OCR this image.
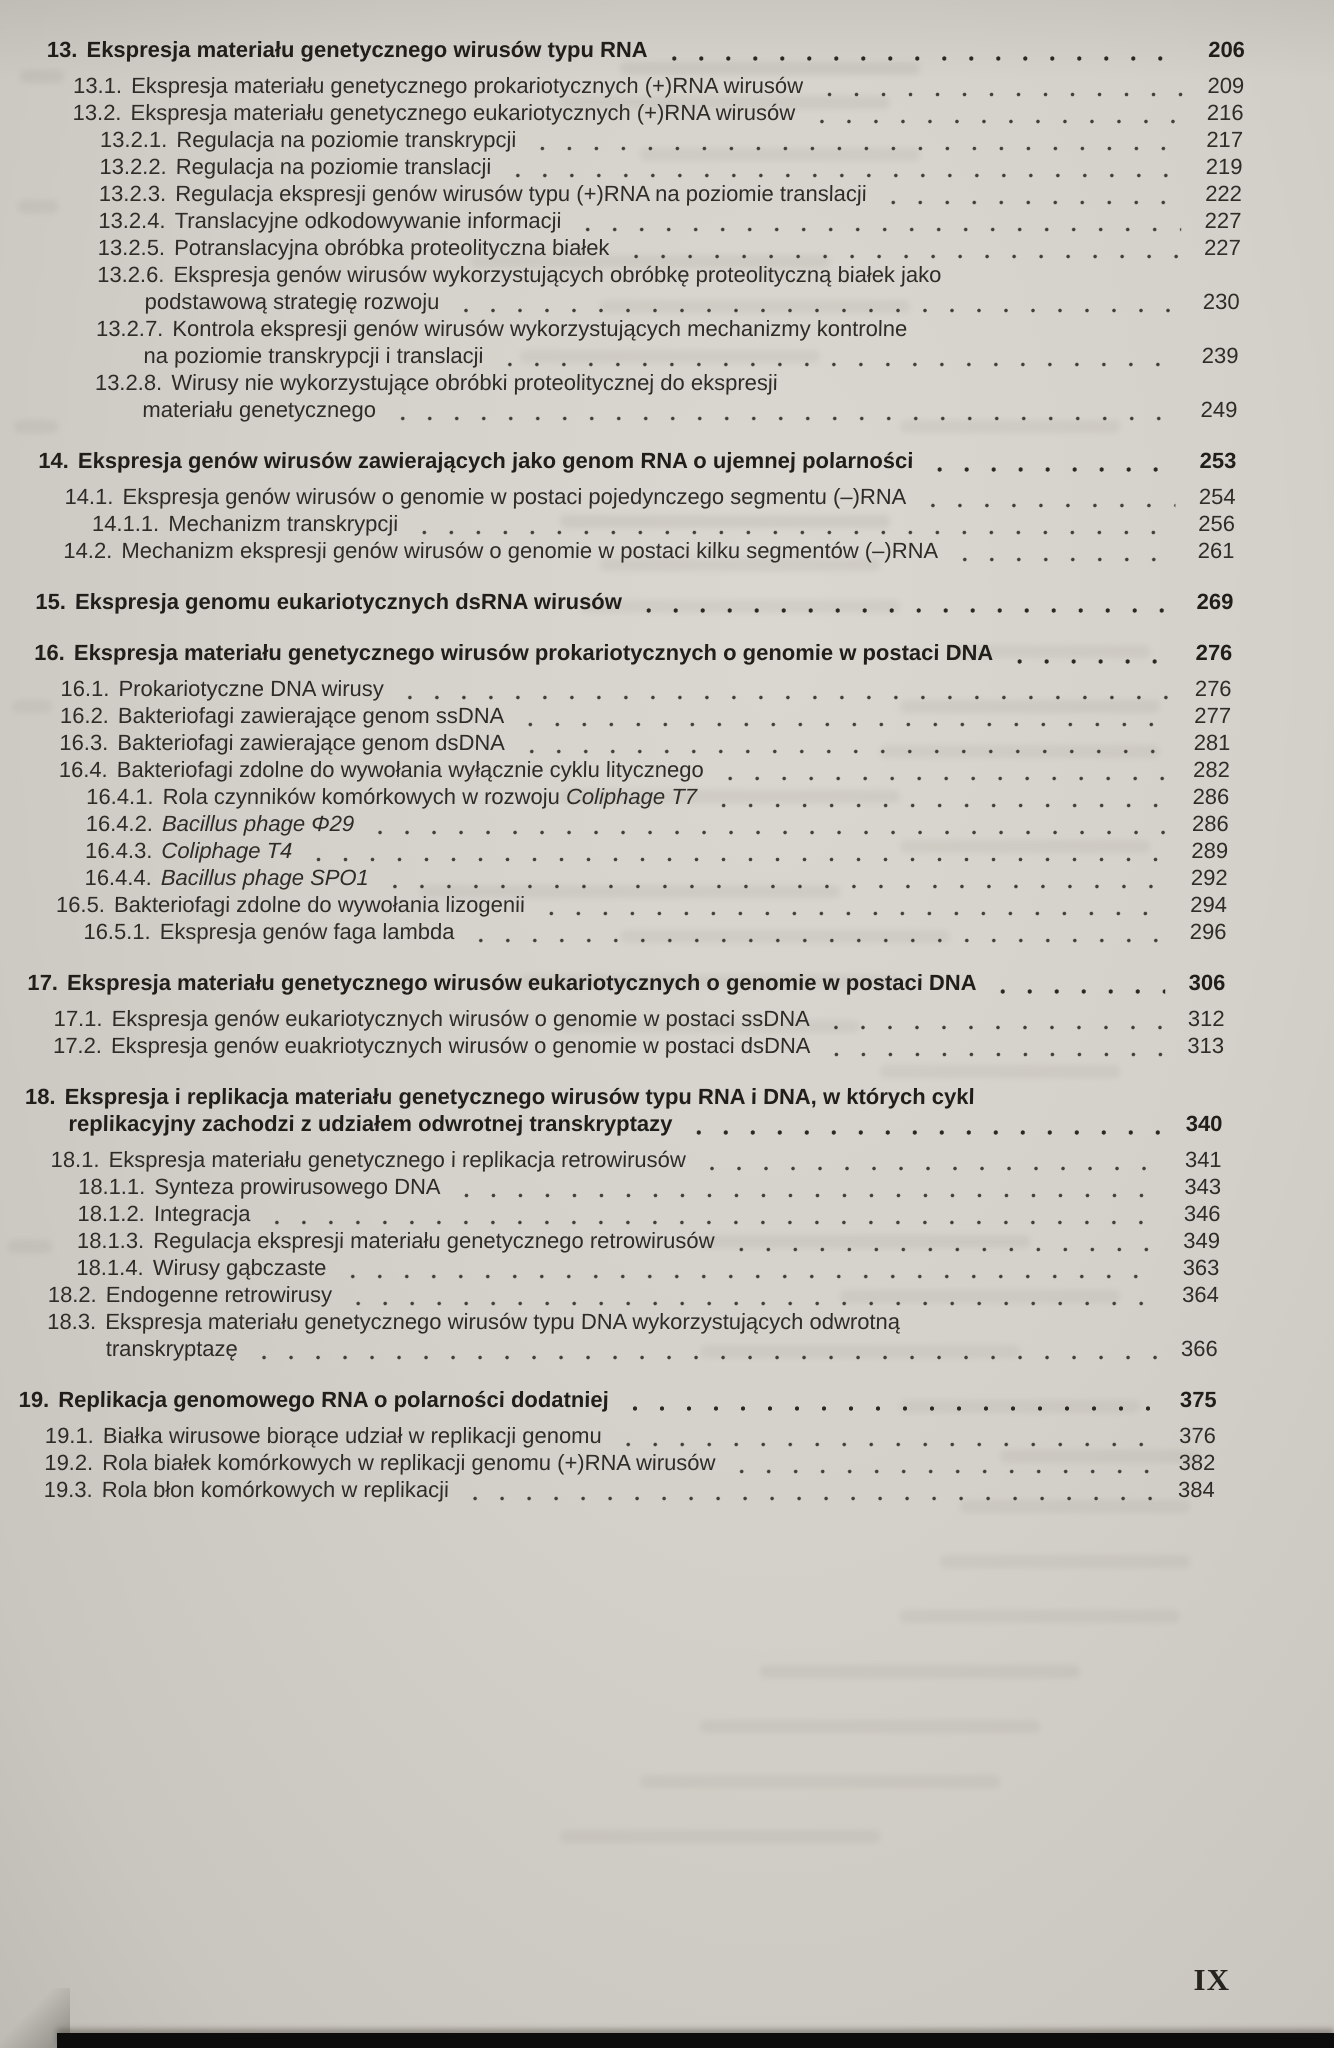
13. Ekspresja materiału genetycznego wirusów typu RNA	206
13.1. Ekspresja materiału genetycznego prokariotycznych (+)RNA wirusów	209
13.2. Ekspresja materiału genetycznego eukariotycznych (+)RNA wirusów	216
13.2.1. Regulacja na poziomie transkrypcji	217
13.2.2. Regulacja na poziomie translacji	219
13.2.3. Regulacja ekspresji genów wirusów typu (+)RNA na poziomie translacji	222
13.2.4. Translacyjne odkodowywanie informacji	227
13.2.5. Potranslacyjna obróbka proteolityczna białek	227
13.2.6. Ekspresja genów wirusów wykorzystujących obróbkę proteolityczną białek jako
podstawową strategię rozwoju	230
13.2.7. Kontrola ekspresji genów wirusów wykorzystujących mechanizmy kontrolne
na poziomie transkrypcji i translacji	239
13.2.8. Wirusy nie wykorzystujące obróbki proteolitycznej do ekspresji
materiału genetycznego	249
14. Ekspresja genów wirusów zawierających jako genom RNA o ujemnej polarności	253
14.1. Ekspresja genów wirusów o genomie w postaci pojedynczego segmentu (–)RNA	254
14.1.1. Mechanizm transkrypcji	256
14.2. Mechanizm ekspresji genów wirusów o genomie w postaci kilku segmentów (–)RNA	261
15. Ekspresja genomu eukariotycznych dsRNA wirusów	269
16. Ekspresja materiału genetycznego wirusów prokariotycznych o genomie w postaci DNA	276
16.1. Prokariotyczne DNA wirusy	276
16.2. Bakteriofagi zawierające genom ssDNA	277
16.3. Bakteriofagi zawierające genom dsDNA	281
16.4. Bakteriofagi zdolne do wywołania wyłącznie cyklu litycznego	282
16.4.1. Rola czynników komórkowych w rozwoju Coliphage T7	286
16.4.2. Bacillus phage Φ29	286
16.4.3. Coliphage T4	289
16.4.4. Bacillus phage SPO1	292
16.5. Bakteriofagi zdolne do wywołania lizogenii	294
16.5.1. Ekspresja genów faga lambda	296
17. Ekspresja materiału genetycznego wirusów eukariotycznych o genomie w postaci DNA	306
17.1. Ekspresja genów eukariotycznych wirusów o genomie w postaci ssDNA	312
17.2. Ekspresja genów euakriotycznych wirusów o genomie w postaci dsDNA	313
18. Ekspresja i replikacja materiału genetycznego wirusów typu RNA i DNA, w których cykl
replikacyjny zachodzi z udziałem odwrotnej transkryptazy	340
18.1. Ekspresja materiału genetycznego i replikacja retrowirusów	341
18.1.1. Synteza prowirusowego DNA	343
18.1.2. Integracja	346
18.1.3. Regulacja ekspresji materiału genetycznego retrowirusów	349
18.1.4. Wirusy gąbczaste	363
18.2. Endogenne retrowirusy	364
18.3. Ekspresja materiału genetycznego wirusów typu DNA wykorzystujących odwrotną
transkryptazę	366
19. Replikacja genomowego RNA o polarności dodatniej	375
19.1. Białka wirusowe biorące udział w replikacji genomu	376
19.2. Rola białek komórkowych w replikacji genomu (+)RNA wirusów	382
19.3. Rola błon komórkowych w replikacji	384
IX
